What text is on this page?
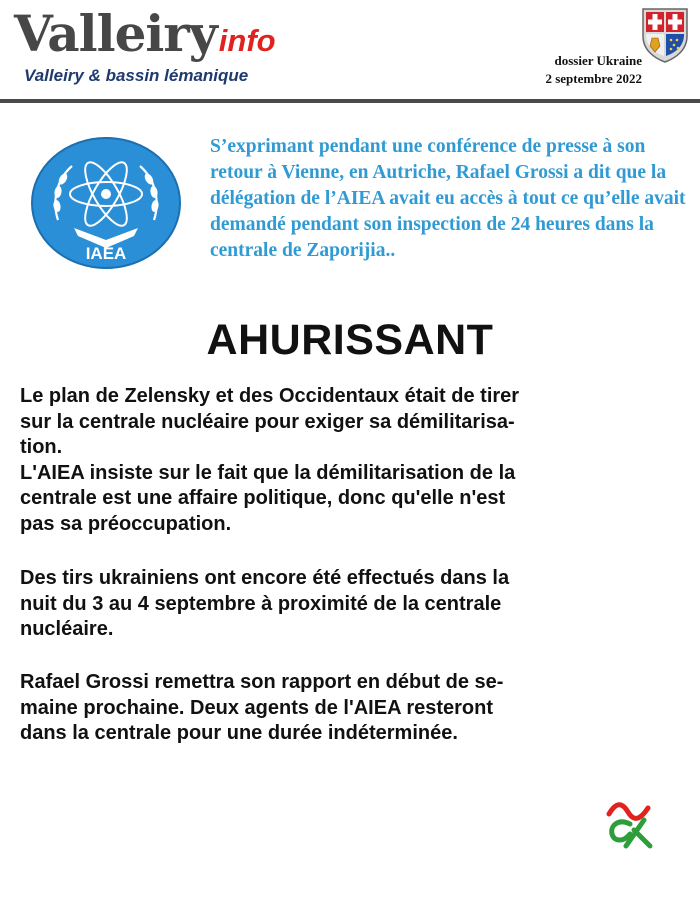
Valleiryinfo
Valleiry & bassin lémanique
dossier Ukraine
2 septembre 2022
IAEA

S’exprimant pendant une conférence de presse à son retour à Vienne, en Autriche, Rafael Grossi a dit que la délégation de l’AIEA avait eu accès à tout ce qu’elle avait demandé pendant son inspection de 24 heures dans la centrale de Zaporijia..

AHURISSANT

Le plan de Zelensky et des Occidentaux était de tirer
sur la centrale nucléaire pour exiger sa démilitarisa-
tion.
L'AIEA insiste sur le fait que la démilitarisation de la
centrale est une affaire politique, donc qu'elle n'est
pas sa préoccupation.

Des tirs ukrainiens ont encore été effectués dans la
nuit du 3 au 4 septembre à proximité de la centrale
nucléaire.

Rafael Grossi remettra son rapport en début de se-
maine prochaine. Deux agents de l'AIEA resteront
dans la centrale pour une durée indéterminée.
